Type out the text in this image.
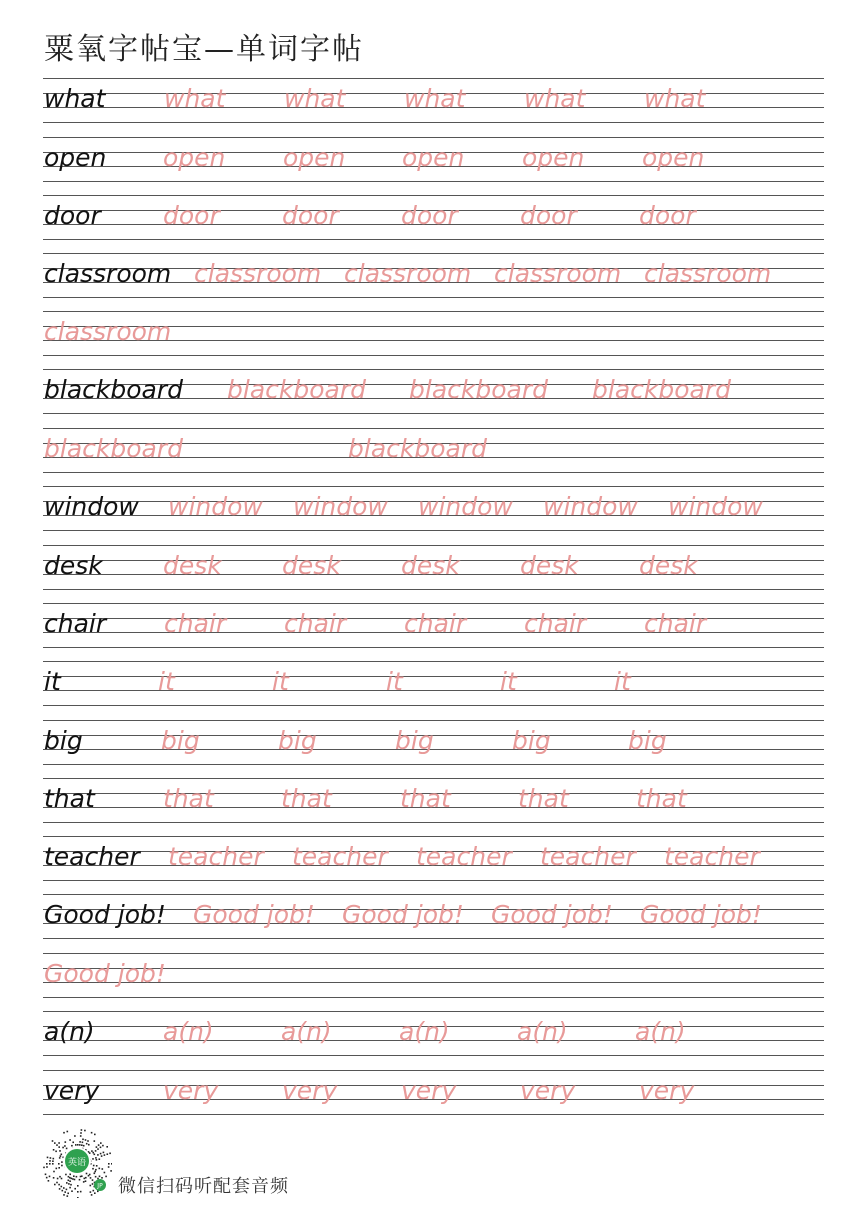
粟氧字帖宝—单词字帖
what what what what what what
open open open open open open
door door door door door door
classroom classroom classroom classroom classroom
classroom
blackboard blackboard blackboard blackboard
blackboard	blackboard
window window window window window window
desk desk desk desk desk desk
chair chair chair chair chair chair
it	it	it	it	it	it
big	big	big	big	big	big
that	that	that	that	that	that
teacher teacher teacher teacher teacher teacher
Good job! Good job! Good job! Good job! Good job!
Good job!
a(n)	a(n)	a(n)	a(n)	a(n)	a(n)
very	very	very	very	very	very
英语
JP 微信扫码听配套音频
